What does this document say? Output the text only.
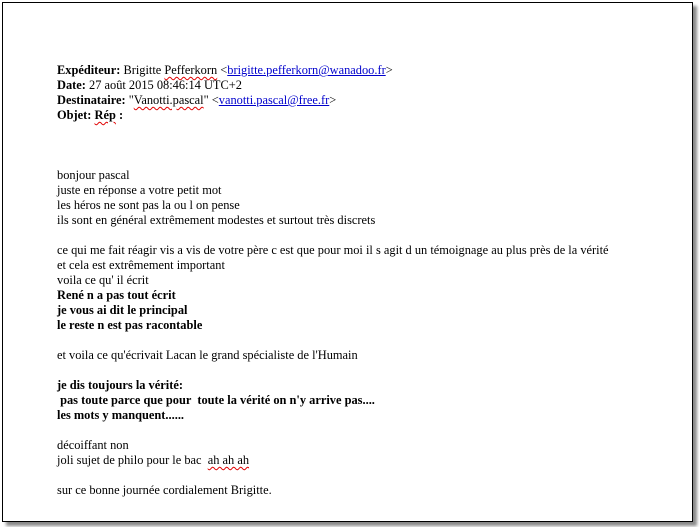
Expéditeur: Brigitte Pefferkorn <brigitte.pefferkorn@wanadoo.fr>
Date: 27 août 2015 08:46:14 UTC+2
Destinataire: "Vanotti.pascal" <vanotti.pascal@free.fr>
Objet: Rép :
bonjour pascal
juste en réponse a votre petit mot
les héros ne sont pas la ou l on pense
ils sont en général extrêmement modestes et surtout très discrets
ce qui me fait réagir vis a vis de votre père c est que pour moi il s agit d un témoignage au plus près de la vérité
et cela est extrêmement important
voila ce qu' il écrit
René n a pas tout écrit
je vous ai dit le principal
le reste n est pas racontable
et voila ce qu'écrivait Lacan le grand spécialiste de l'Humain
je dis toujours la vérité:
pas toute parce que pour  toute la vérité on n'y arrive pas....
les mots y manquent......
décoiffant non
joli sujet de philo pour le bac  ah ah ah
sur ce bonne journée cordialement Brigitte.
